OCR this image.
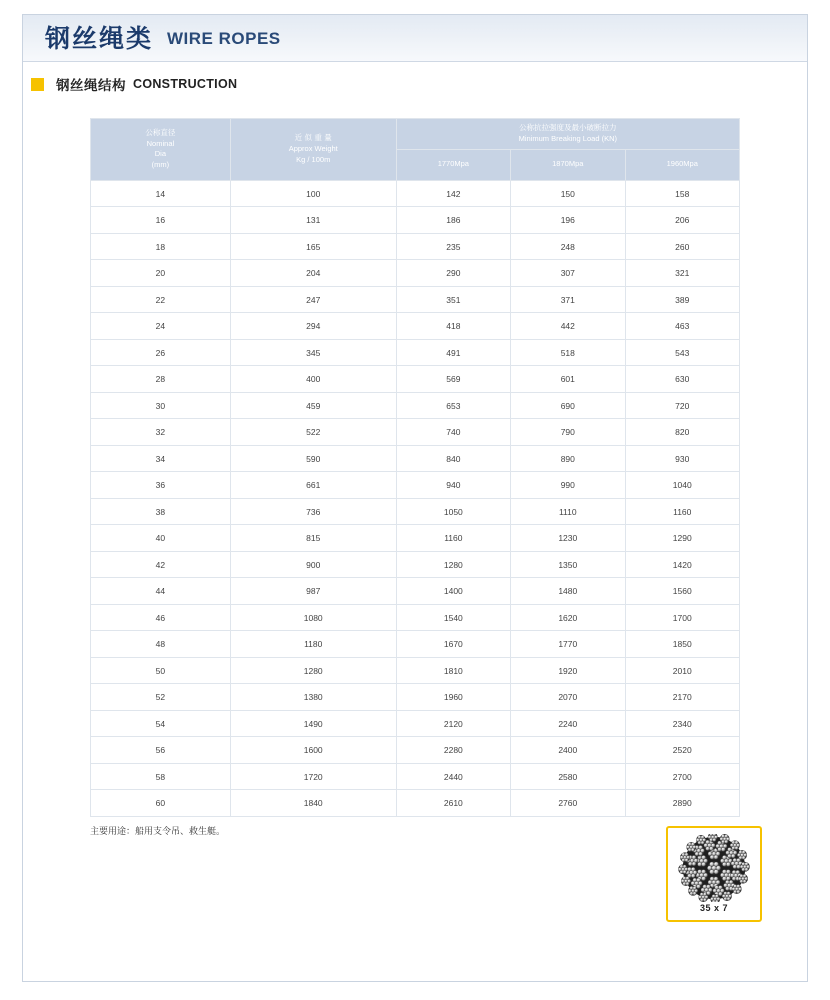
钢丝绳类 WIRE ROPES
钢丝绳结构 CONSTRUCTION
公称直径
Nominal
Dia
(mm)	近 似 重 量
Approx Weight
Kg / 100m	公称抗拉强度及最小破断拉力
Minimum Breaking Load (KN)		

		1770Mpa	1870Mpa	1960Mpa
14	100	142	150	158
16	131	186	196	206
18	165	235	248	260
20	204	290	307	321
22	247	351	371	389
24	294	418	442	463
26	345	491	518	543
28	400	569	601	630
30	459	653	690	720
32	522	740	790	820
34	590	840	890	930
36	661	940	990	1040
38	736	1050	1110	1160
40	815	1160	1230	1290
42	900	1280	1350	1420
44	987	1400	1480	1560
46	1080	1540	1620	1700
48	1180	1670	1770	1850
50	1280	1810	1920	2010
52	1380	1960	2070	2170
54	1490	2120	2240	2340
56	1600	2280	2400	2520
58	1720	2440	2580	2700
60	1840	2610	2760	2890
主要用途：船用支令吊、救生艇。
35 x 7
